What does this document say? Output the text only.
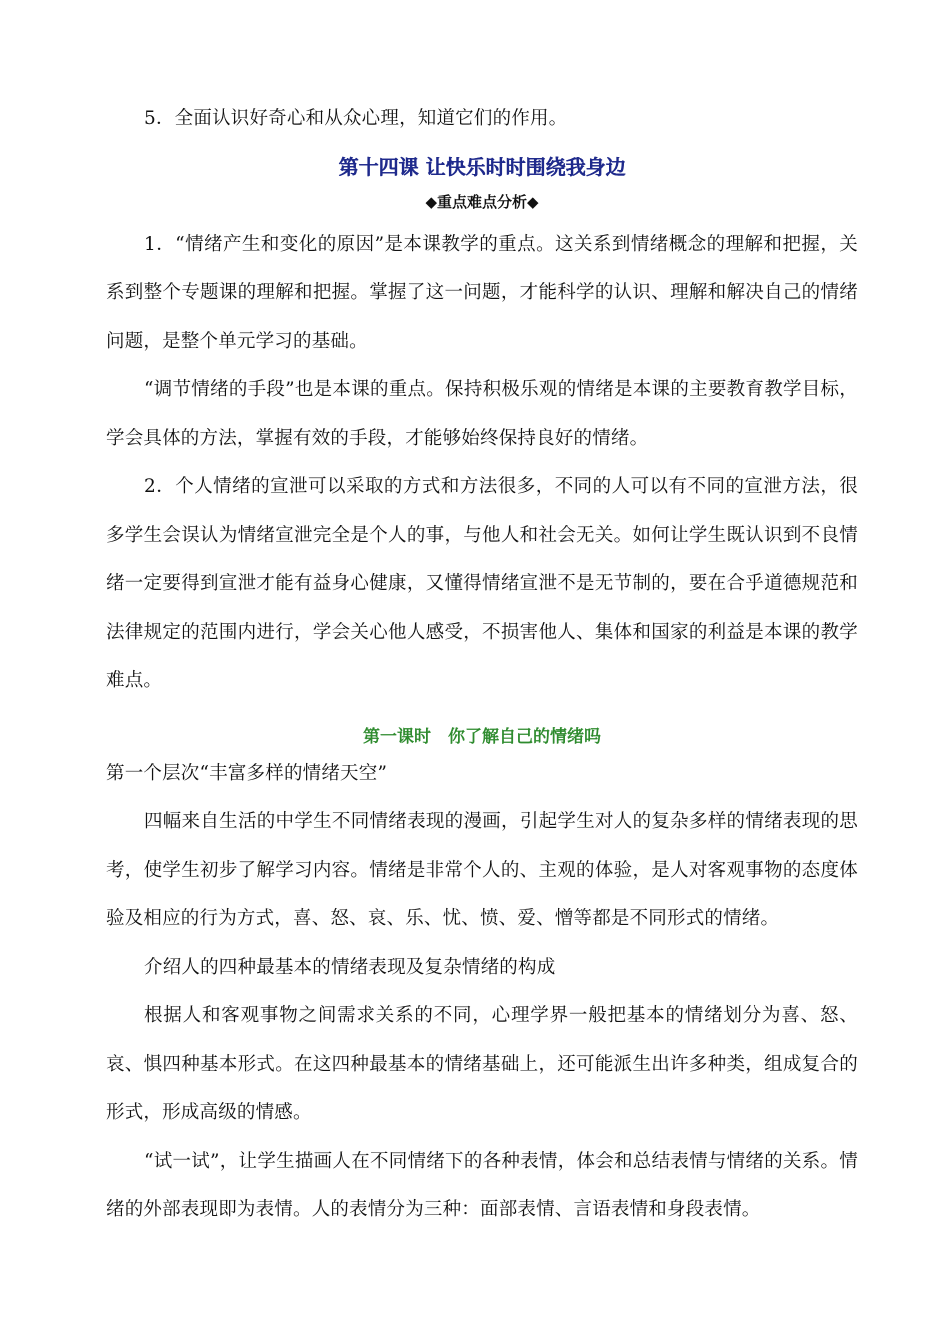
5．全面认识好奇心和从众心理，知道它们的作用。

第十四课 让快乐时时围绕我身边
◆重点难点分析◆

1．“情绪产生和变化的原因”是本课教学的重点。这关系到情绪概念的理解和把握，关系到整个专题课的理解和把握。掌握了这一问题，才能科学的认识、理解和解决自己的情绪问题，是整个单元学习的基础。

“调节情绪的手段”也是本课的重点。保持积极乐观的情绪是本课的主要教育教学目标，学会具体的方法，掌握有效的手段，才能够始终保持良好的情绪。

2．个人情绪的宣泄可以采取的方式和方法很多，不同的人可以有不同的宣泄方法，很多学生会误认为情绪宣泄完全是个人的事，与他人和社会无关。如何让学生既认识到不良情绪一定要得到宣泄才能有益身心健康，又懂得情绪宣泄不是无节制的，要在合乎道德规范和法律规定的范围内进行，学会关心他人感受，不损害他人、集体和国家的利益是本课的教学难点。

第一课时　你了解自己的情绪吗

第一个层次“丰富多样的情绪天空”

四幅来自生活的中学生不同情绪表现的漫画，引起学生对人的复杂多样的情绪表现的思考，使学生初步了解学习内容。情绪是非常个人的、主观的体验，是人对客观事物的态度体验及相应的行为方式，喜、怒、哀、乐、忧、愤、爱、憎等都是不同形式的情绪。

介绍人的四种最基本的情绪表现及复杂情绪的构成

根据人和客观事物之间需求关系的不同，心理学界一般把基本的情绪划分为喜、怒、哀、惧四种基本形式。在这四种最基本的情绪基础上，还可能派生出许多种类，组成复合的形式，形成高级的情感。

“试一试”，让学生描画人在不同情绪下的各种表情，体会和总结表情与情绪的关系。情绪的外部表现即为表情。人的表情分为三种：面部表情、言语表情和身段表情。
